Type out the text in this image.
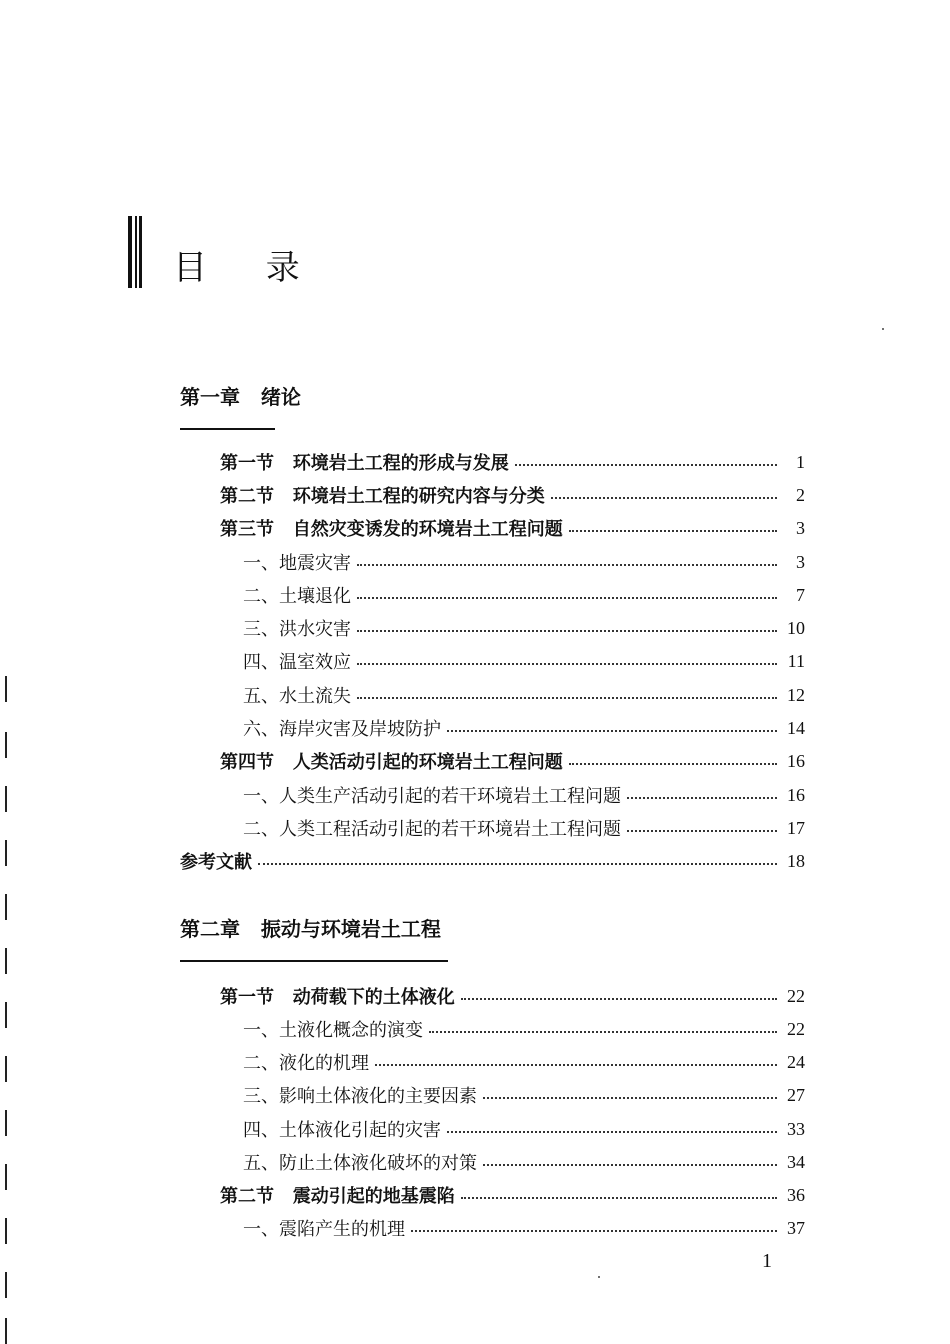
目 录
第一章   绪论
第一节   环境岩土工程的形成与发展	1
第二节   环境岩土工程的研究内容与分类	2
第三节   自然灾变诱发的环境岩土工程问题	3
一、地震灾害	3
二、土壤退化	7
三、洪水灾害	10
四、温室效应	11
五、水土流失	12
六、海岸灾害及岸坡防护	14
第四节   人类活动引起的环境岩土工程问题	16
一、人类生产活动引起的若干环境岩土工程问题	16
二、人类工程活动引起的若干环境岩土工程问题	17
参考文献	18
第二章   振动与环境岩土工程
第一节   动荷载下的土体液化	22
一、土液化概念的演变	22
二、液化的机理	24
三、影响土体液化的主要因素	27
四、土体液化引起的灾害	33
五、防止土体液化破坏的对策	34
第二节   震动引起的地基震陷	36
一、震陷产生的机理	37
1
